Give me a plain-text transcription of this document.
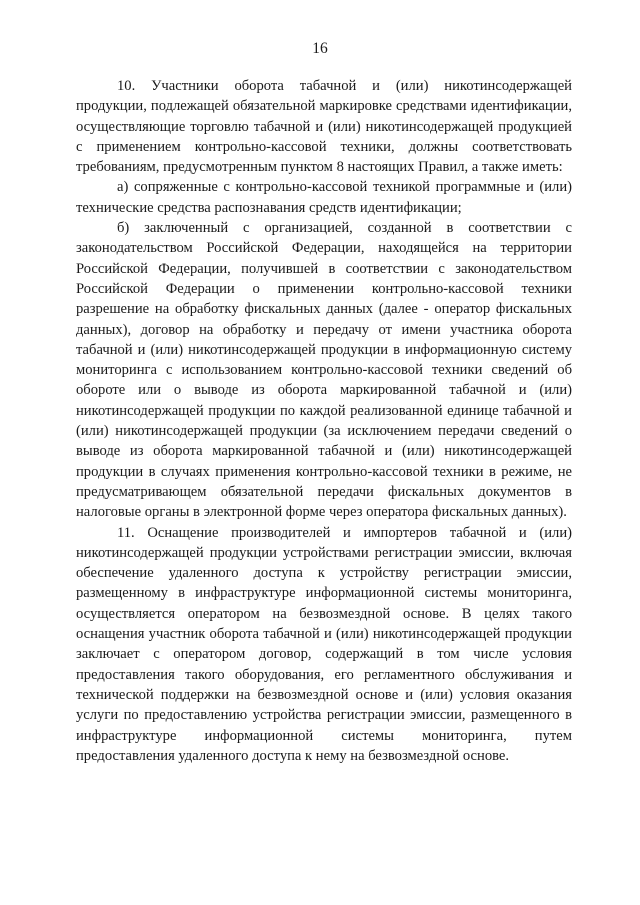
16

10. Участники оборота табачной и (или) никотинсодержащей продукции, подлежащей обязательной маркировке средствами идентификации, осуществляющие торговлю табачной и (или) никотинсодержащей продукцией с применением контрольно-кассовой техники, должны соответствовать требованиям, предусмотренным пунктом 8 настоящих Правил, а также иметь:

а) сопряженные с контрольно-кассовой техникой программные и (или) технические средства распознавания средств идентификации;

б) заключенный с организацией, созданной в соответствии с законодательством Российской Федерации, находящейся на территории Российской Федерации, получившей в соответствии с законодательством Российской Федерации о применении контрольно-кассовой техники разрешение на обработку фискальных данных (далее - оператор фискальных данных), договор на обработку и передачу от имени участника оборота табачной и (или) никотинсодержащей продукции в информационную систему мониторинга с использованием контрольно-кассовой техники сведений об обороте или о выводе из оборота маркированной табачной и (или) никотинсодержащей продукции по каждой реализованной единице табачной и (или) никотинсодержащей продукции (за исключением передачи сведений о выводе из оборота маркированной табачной и (или) никотинсодержащей продукции в случаях применения контрольно-кассовой техники в режиме, не предусматривающем обязательной передачи фискальных документов в налоговые органы в электронной форме через оператора фискальных данных).

11. Оснащение производителей и импортеров табачной и (или) никотинсодержащей продукции устройствами регистрации эмиссии, включая обеспечение удаленного доступа к устройству регистрации эмиссии, размещенному в инфраструктуре информационной системы мониторинга, осуществляется оператором на безвозмездной основе. В целях такого оснащения участник оборота табачной и (или) никотинсодержащей продукции заключает с оператором договор, содержащий в том числе условия предоставления такого оборудования, его регламентного обслуживания и технической поддержки на безвозмездной основе и (или) условия оказания услуги по предоставлению устройства регистрации эмиссии, размещенного в инфраструктуре информационной системы мониторинга, путем предоставления удаленного доступа к нему на безвозмездной основе.
